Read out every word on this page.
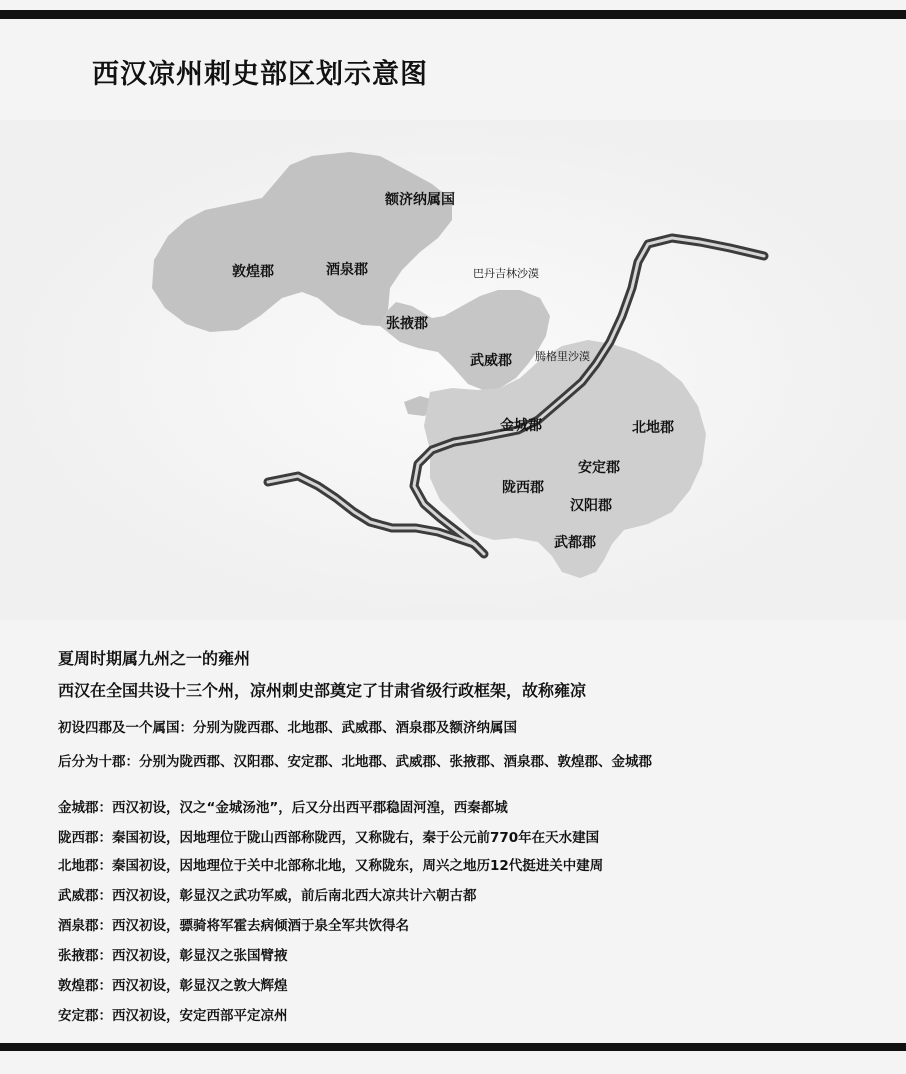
西汉凉州刺史部区划示意图
额济纳属国
敦煌郡	酒泉郡	巴丹吉林沙漠
张掖郡
武威郡 腾格里沙漠
金城郡	北地郡
安定郡
陇西郡
汉阳郡
武都郡
夏周时期属九州之一的雍州
西汉在全国共设十三个州，凉州刺史部奠定了甘肃省级行政框架，故称雍凉
初设四郡及一个属国：分别为陇西郡、北地郡、武威郡、酒泉郡及额济纳属国
后分为十郡：分别为陇西郡、汉阳郡、安定郡、北地郡、武威郡、张掖郡、酒泉郡、敦煌郡、金城郡
金城郡：西汉初设，汉之“金城汤池”，后又分出西平郡稳固河湟，西秦都城
陇西郡：秦国初设，因地理位于陇山西部称陇西，又称陇右，秦于公元前770年在天水建国
北地郡：秦国初设，因地理位于关中北部称北地，又称陇东，周兴之地历12代挺进关中建周
武威郡：西汉初设，彰显汉之武功军威，前后南北西大凉共计六朝古都
酒泉郡：西汉初设，骠骑将军霍去病倾酒于泉全军共饮得名
张掖郡：西汉初设，彰显汉之张国臂掖
敦煌郡：西汉初设，彰显汉之敦大辉煌
安定郡：西汉初设，安定西部平定凉州
